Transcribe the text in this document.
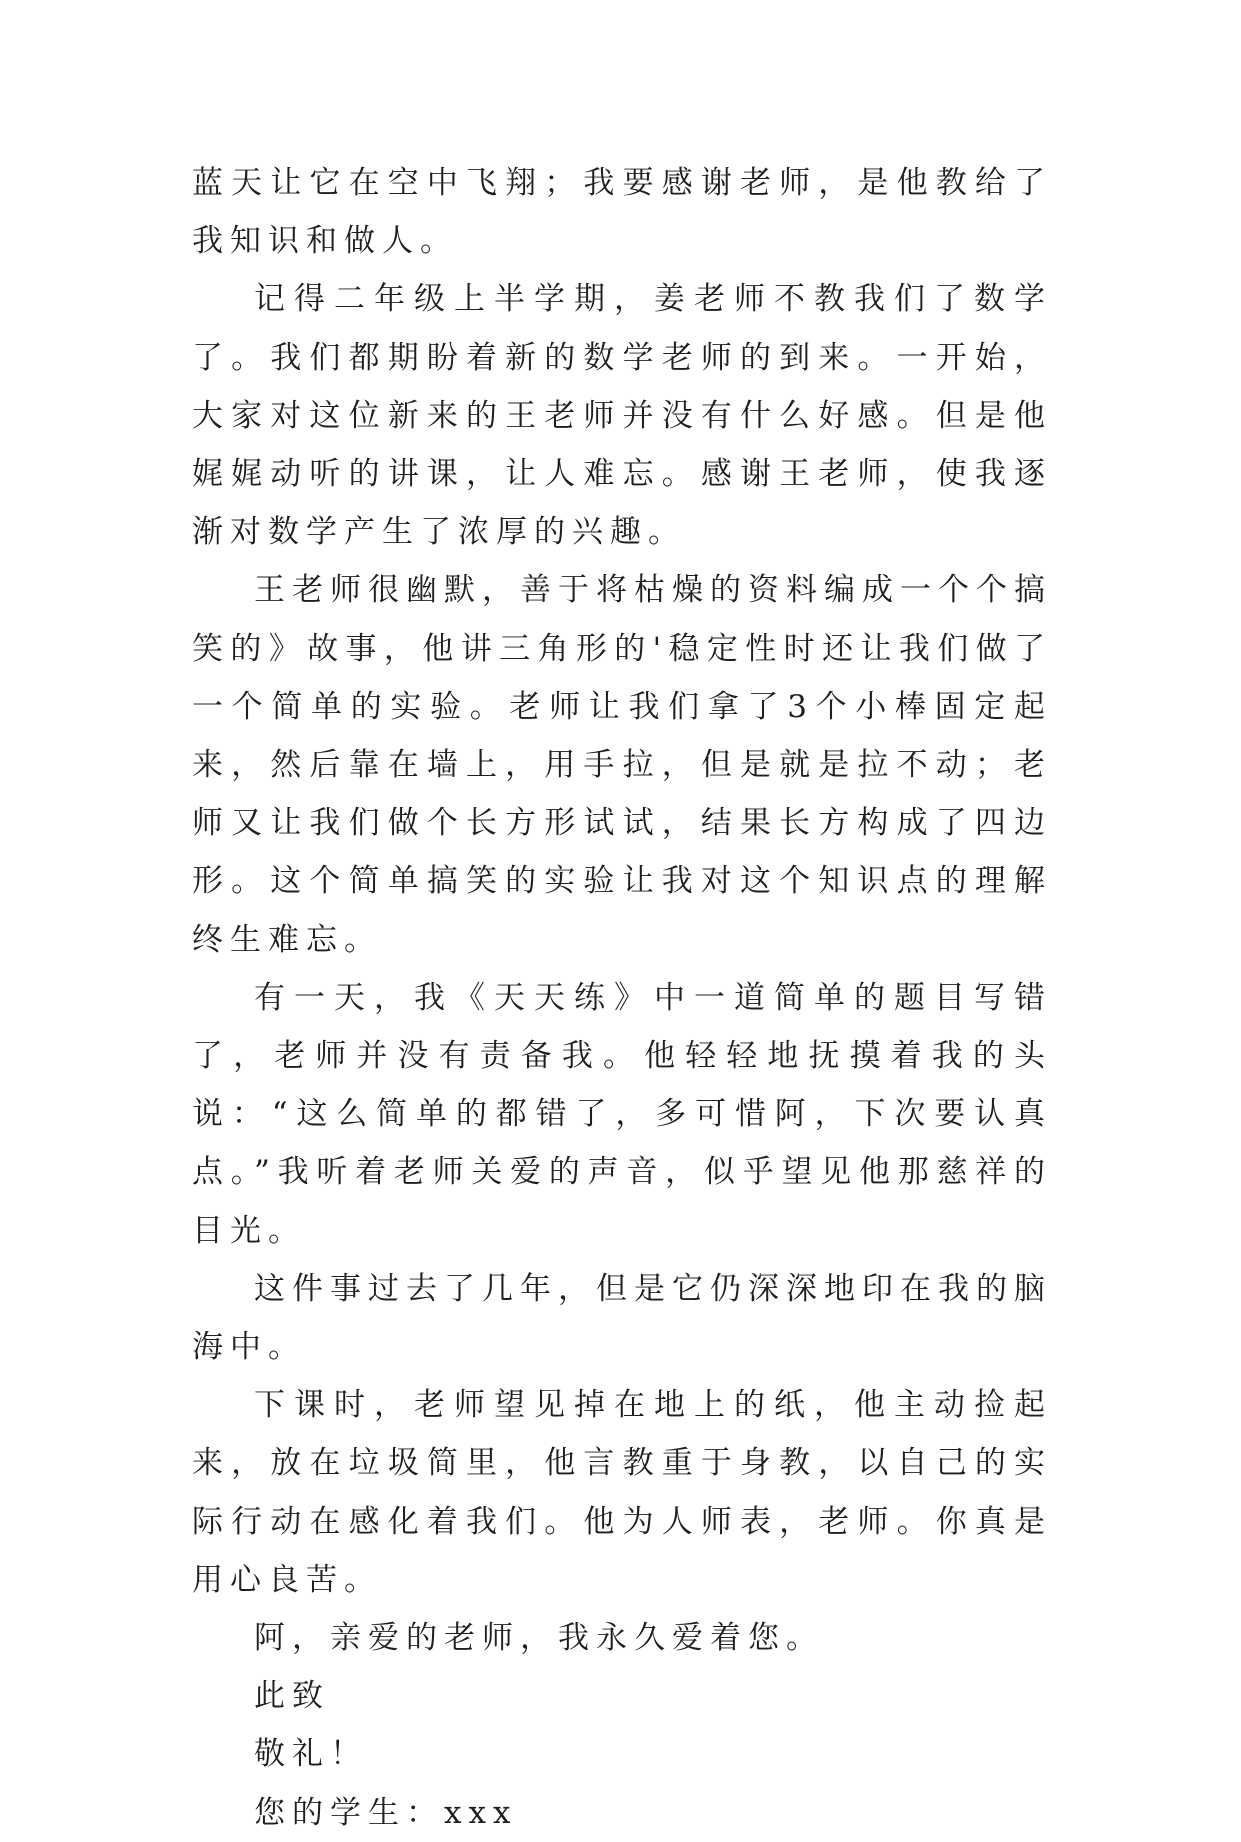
蓝天让它在空中飞翔；我要感谢老师，是他教给了我知识和做人。

记得二年级上半学期，姜老师不教我们了数学了。我们都期盼着新的数学老师的到来。一开始，大家对这位新来的王老师并没有什么好感。但是他娓娓动听的讲课，让人难忘。感谢王老师，使我逐渐对数学产生了浓厚的兴趣。

王老师很幽默，善于将枯燥的资料编成一个个搞笑的》故事，他讲三角形的'稳定性时还让我们做了一个简单的实验。老师让我们拿了3个小棒固定起来，然后靠在墙上，用手拉，但是就是拉不动；老师又让我们做个长方形试试，结果长方构成了四边形。这个简单搞笑的实验让我对这个知识点的理解终生难忘。

有一天，我《天天练》中一道简单的题目写错了，老师并没有责备我。他轻轻地抚摸着我的头说：“这么简单的都错了，多可惜阿，下次要认真点。”我听着老师关爱的声音，似乎望见他那慈祥的目光。

这件事过去了几年，但是它仍深深地印在我的脑海中。

下课时，老师望见掉在地上的纸，他主动捡起来，放在垃圾简里，他言教重于身教，以自己的实际行动在感化着我们。他为人师表，老师。你真是用心良苦。

阿，亲爱的老师，我永久爱着您。

此致

敬礼！

您的学生：xxx
